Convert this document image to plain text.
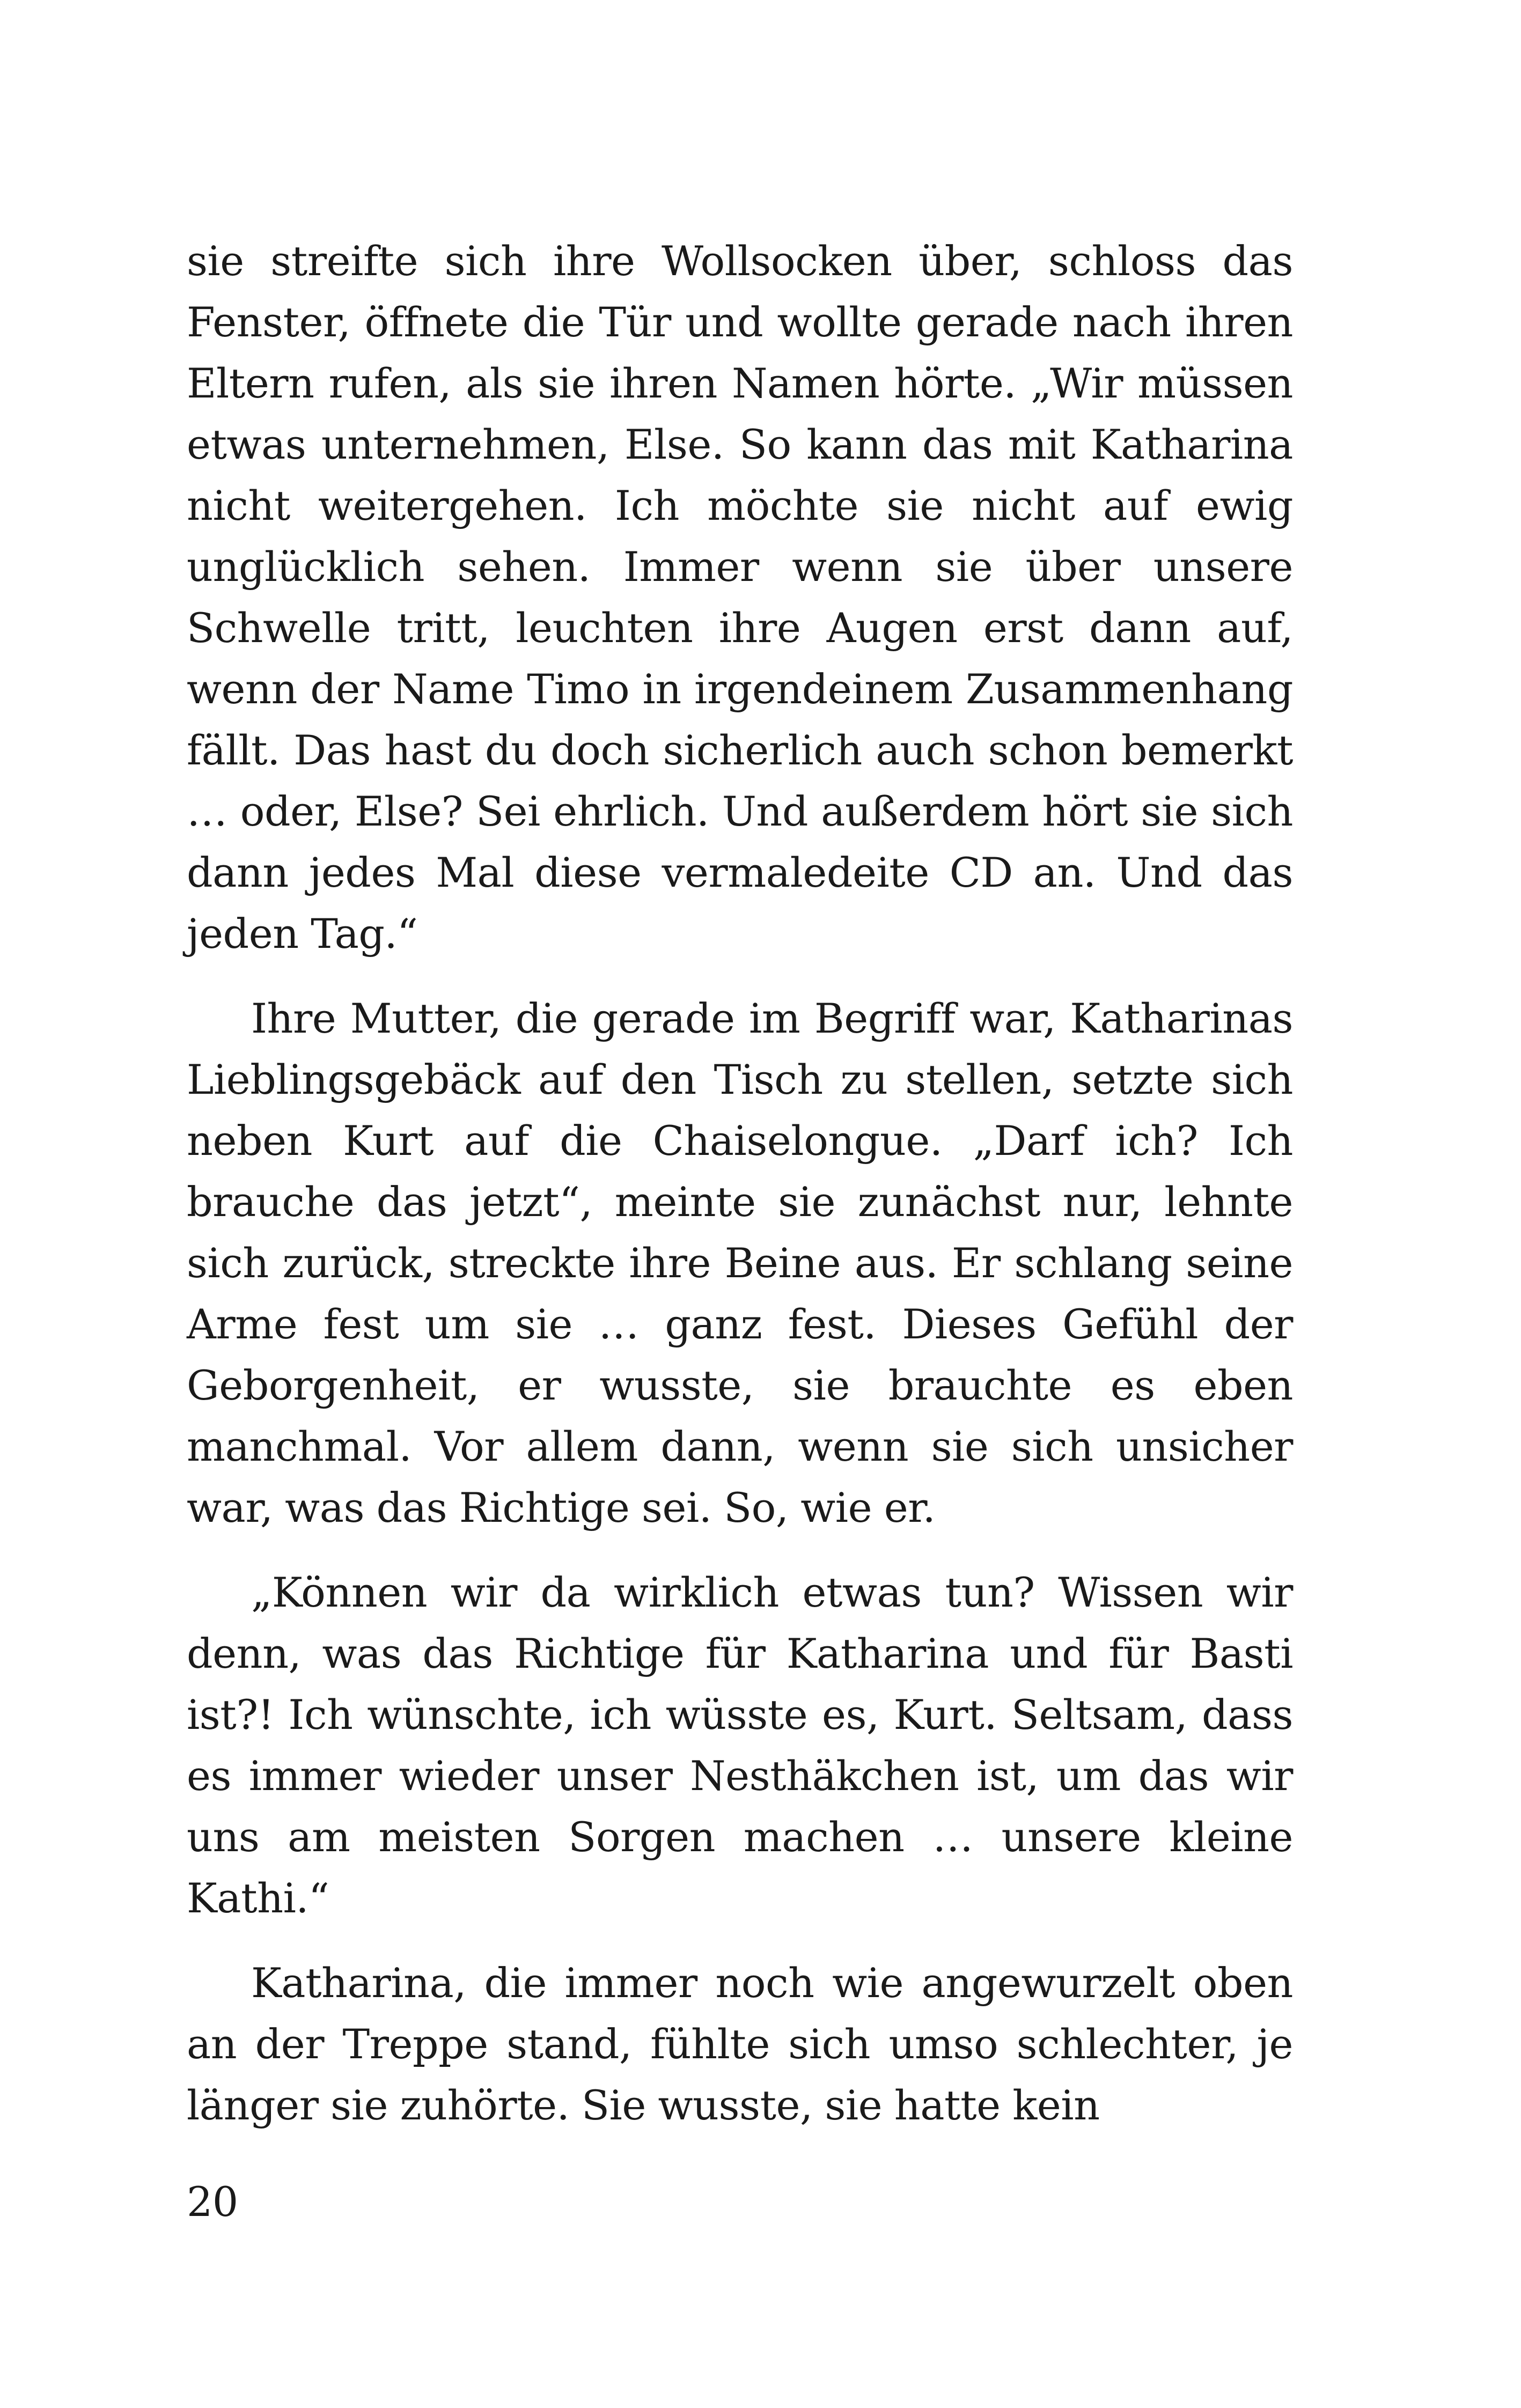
sie streifte sich ihre Wollsocken über, schloss das Fenster, öffnete die Tür und wollte gerade nach ihren Eltern rufen, als sie ihren Namen hörte. „Wir müssen etwas unternehmen, Else. So kann das mit Katharina nicht weitergehen. Ich möchte sie nicht auf ewig unglücklich sehen. Immer wenn sie über unsere Schwelle tritt, leuchten ihre Augen erst dann auf, wenn der Name Timo in irgendeinem Zusammenhang fällt. Das hast du doch sicherlich auch schon bemerkt … oder, Else? Sei ehrlich. Und außerdem hört sie sich dann jedes Mal diese vermaledeite CD an. Und das jeden Tag.“

Ihre Mutter, die gerade im Begriff war, Katharinas Lieblingsgebäck auf den Tisch zu stellen, setzte sich neben Kurt auf die Chaiselongue. „Darf ich? Ich brauche das jetzt“, meinte sie zunächst nur, lehnte sich zurück, streckte ihre Beine aus. Er schlang seine Arme fest um sie … ganz fest. Dieses Gefühl der Geborgenheit, er wusste, sie brauchte es eben manchmal. Vor allem dann, wenn sie sich unsicher war, was das Richtige sei. So, wie er.

„Können wir da wirklich etwas tun? Wissen wir denn, was das Richtige für Katharina und für Basti ist?! Ich wünschte, ich wüsste es, Kurt. Seltsam, dass es immer wieder unser Nesthäkchen ist, um das wir uns am meisten Sorgen machen … unsere kleine Kathi.“

Katharina, die immer noch wie angewurzelt oben an der Treppe stand, fühlte sich umso schlechter, je länger sie zuhörte. Sie wusste, sie hatte kein

20
